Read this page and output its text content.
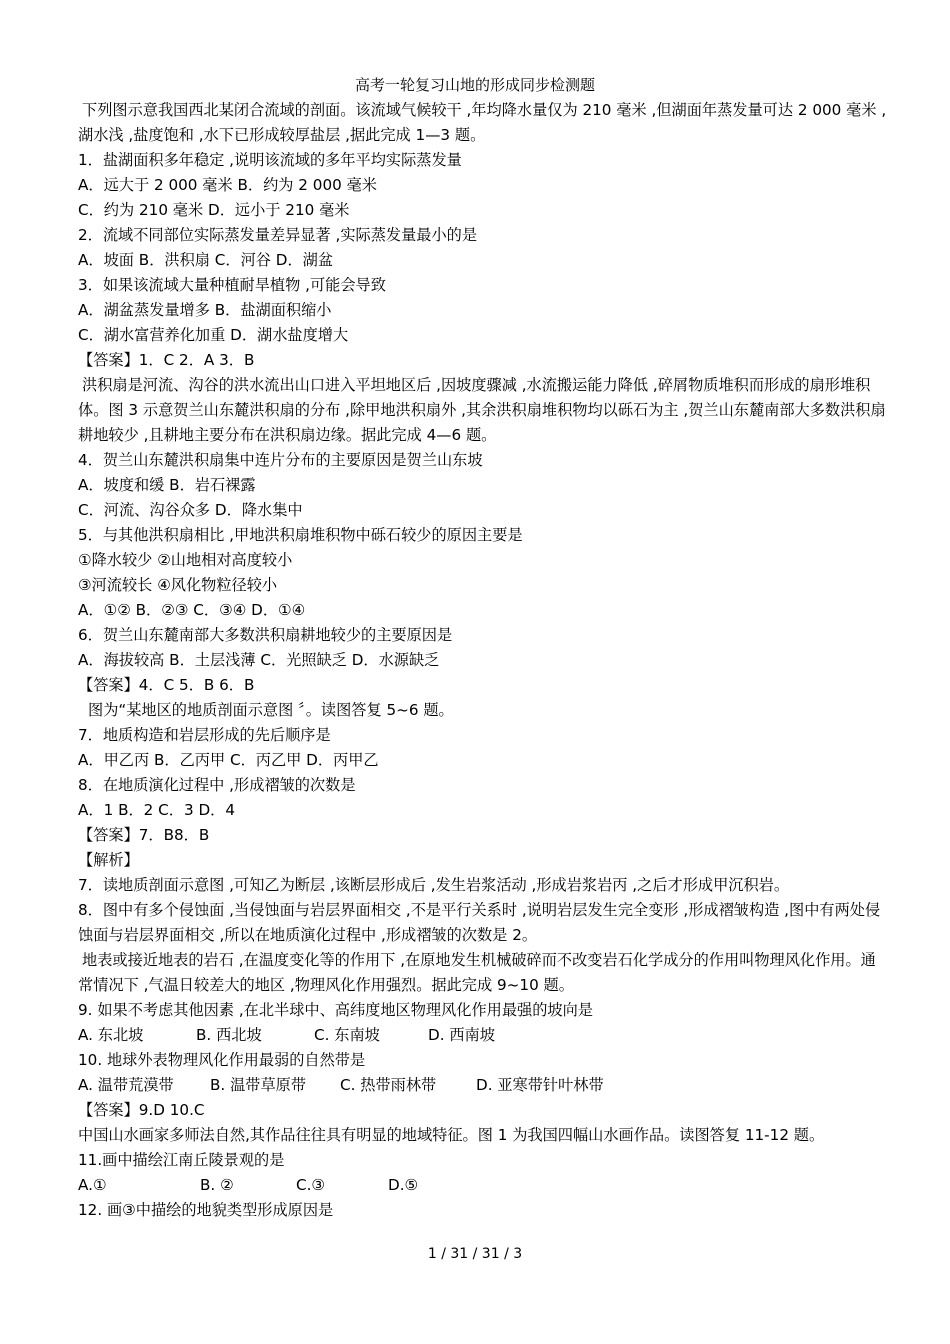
高考一轮复习山地的形成同步检测题

下列图示意我国西北某闭合流域的剖面。该流域气候较干 ,年均降水量仅为 210 毫米 ,但湖面年蒸发量可达 2 000 毫米 ,湖水浅 ,盐度饱和 ,水下已形成较厚盐层 ,据此完成 1—3 题。

1．盐湖面积多年稳定 ,说明该流域的多年平均实际蒸发量

A．远大于 2 000 毫米 B．约为 2 000 毫米

C．约为 210 毫米 D．远小于 210 毫米

2．流域不同部位实际蒸发量差异显著 ,实际蒸发量最小的是

A．坡面 B．洪积扇 C．河谷 D．湖盆

3．如果该流域大量种植耐旱植物 ,可能会导致

A．湖盆蒸发量增多 B．盐湖面积缩小

C．湖水富营养化加重 D．湖水盐度增大

【答案】1．C 2．A 3．B

洪积扇是河流、沟谷的洪水流出山口进入平坦地区后 ,因坡度骤减 ,水流搬运能力降低 ,碎屑物质堆积而形成的扇形堆积体。图 3 示意贺兰山东麓洪积扇的分布 ,除甲地洪积扇外 ,其余洪积扇堆积物均以砾石为主 ,贺兰山东麓南部大多数洪积扇耕地较少 ,且耕地主要分布在洪积扇边缘。据此完成 4—6 题。

4．贺兰山东麓洪积扇集中连片分布的主要原因是贺兰山东坡

A．坡度和缓 B．岩石裸露

C．河流、沟谷众多 D．降水集中

5．与其他洪积扇相比 ,甲地洪积扇堆积物中砾石较少的原因主要是

①降水较少 ②山地相对高度较小

③河流较长 ④风化物粒径较小

A．①② B．②③ C．③④ D．①④

6．贺兰山东麓南部大多数洪积扇耕地较少的主要原因是

A．海拔较高 B．土层浅薄 C．光照缺乏 D．水源缺乏

【答案】4．C 5．B 6．B

图为“某地区的地质剖面示意图 〞。读图答复 5~6 题。

7．地质构造和岩层形成的先后顺序是

A．甲乙丙 B．乙丙甲 C．丙乙甲 D．丙甲乙

8．在地质演化过程中 ,形成褶皱的次数是

A．1 B．2 C．3 D．4

【答案】7．B8．B

【解析】

7．读地质剖面示意图 ,可知乙为断层 ,该断层形成后 ,发生岩浆活动 ,形成岩浆岩丙 ,之后才形成甲沉积岩。

8．图中有多个侵蚀面 ,当侵蚀面与岩层界面相交 ,不是平行关系时 ,说明岩层发生完全变形 ,形成褶皱构造 ,图中有两处侵蚀面与岩层界面相交 ,所以在地质演化过程中 ,形成褶皱的次数是 2。

地表或接近地表的岩石 ,在温度变化等的作用下 ,在原地发生机械破碎而不改变岩石化学成分的作用叫物理风化作用。通常情况下 ,气温日较差大的地区 ,物理风化作用强烈。据此完成 9~10 题。

9. 如果不考虑其他因素 ,在北半球中、高纬度地区物理风化作用最强的坡向是

A. 东北坡	B. 西北坡	C. 东南坡	D. 西南坡

10. 地球外表物理风化作用最弱的自然带是

A. 温带荒漠带 B. 温带草原带 C. 热带雨林带	D. 亚寒带针叶林带

【答案】9.D 10.C

中国山水画家多师法自然,其作品往往具有明显的地域特征。图 1 为我国四幅山水画作品。读图答复 11-12 题。

11.画中描绘江南丘陵景观的是

A.①	B. ②	C.③	D.⑤

12. 画③中描绘的地貌类型形成原因是

1 / 31 / 31 / 3
